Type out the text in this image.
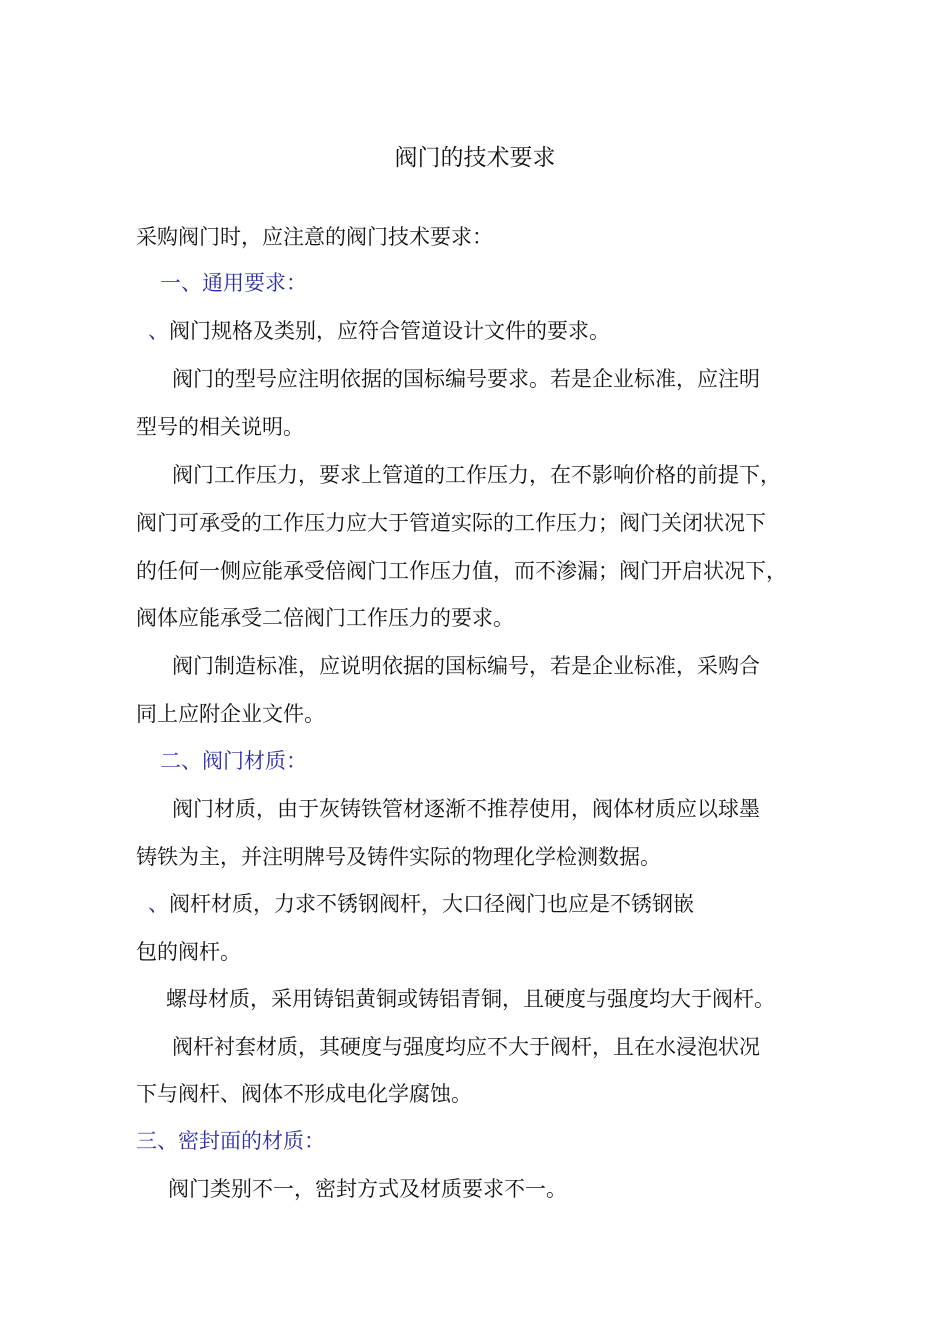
阀门的技术要求
采购阀门时，应注意的阀门技术要求：
一、通用要求：
、阀门规格及类别，应符合管道设计文件的要求。
阀门的型号应注明依据的国标编号要求。若是企业标准，应注明
型号的相关说明。
阀门工作压力，要求上管道的工作压力，在不影响价格的前提下，
阀门可承受的工作压力应大于管道实际的工作压力；阀门关闭状况下
的任何一侧应能承受倍阀门工作压力值，而不渗漏；阀门开启状况下，
阀体应能承受二倍阀门工作压力的要求。
阀门制造标准，应说明依据的国标编号，若是企业标准，采购合
同上应附企业文件。
二、阀门材质：
阀门材质，由于灰铸铁管材逐渐不推荐使用，阀体材质应以球墨
铸铁为主，并注明牌号及铸件实际的物理化学检测数据。
、阀杆材质，力求不锈钢阀杆，大口径阀门也应是不锈钢嵌
包的阀杆。
螺母材质，采用铸铝黄铜或铸铝青铜，且硬度与强度均大于阀杆。
阀杆衬套材质，其硬度与强度均应不大于阀杆，且在水浸泡状况
下与阀杆、阀体不形成电化学腐蚀。
三、密封面的材质：
阀门类别不一，密封方式及材质要求不一。
